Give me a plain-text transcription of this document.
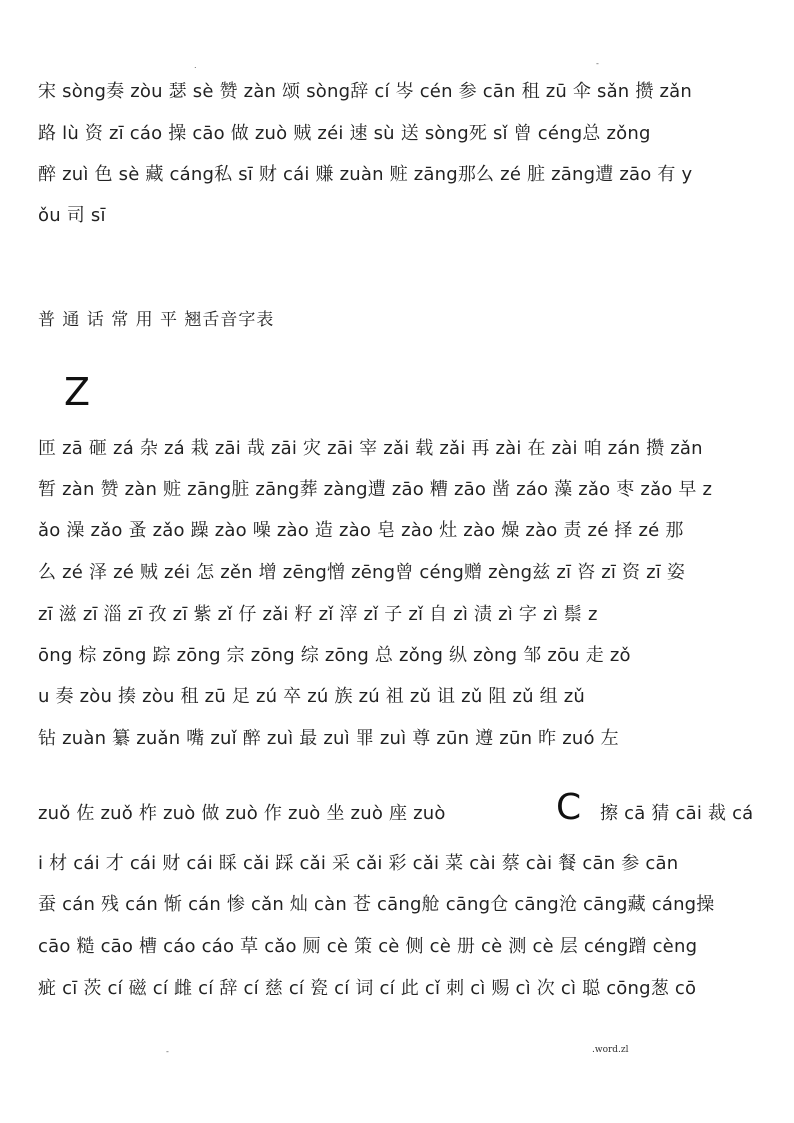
.	-
宋 sòng奏 zòu 瑟 sè 赞 zàn 颂 sòng辞 cí 岑 cén 参 cān 租 zū 伞 sǎn 攒 zǎn
路 lù 资 zī cáo 操 cāo 做 zuò 贼 zéi 速 sù 送 sòng死 sǐ 曾 céng总 zǒng
醉 zuì 色 sè 藏 cáng私 sī 财 cái 赚 zuàn 赃 zāng那么 zé 脏 zāng遭 zāo 有 y
ǒu 司 sī
普 通 话 常 用 平 翘舌音字表
Z
匝 zā 砸 zá 杂 zá 栽 zāi 哉 zāi 灾 zāi 宰 zǎi 载 zǎi 再 zài 在 zài 咱 zán 攒 zǎn
暂 zàn 赞 zàn 赃 zāng脏 zāng葬 zàng遭 zāo 糟 zāo 凿 záo 藻 zǎo 枣 zǎo 早 z
ǎo 澡 zǎo 蚤 zǎo 躁 zào 噪 zào 造 zào 皂 zào 灶 zào 燥 zào 责 zé 择 zé 那
么 zé 泽 zé 贼 zéi 怎 zěn 增 zēng憎 zēng曾 céng赠 zèng兹 zī 咨 zī 资 zī 姿
zī 滋 zī 淄 zī 孜 zī 紫 zǐ 仔 zǎi 籽 zǐ 滓 zǐ 子 zǐ 自 zì 渍 zì 字 zì 鬃 z
ōng 棕 zōng 踪 zōng 宗 zōng 综 zōng 总 zǒng 纵 zòng 邹 zōu 走 zǒ
u 奏 zòu 揍 zòu 租 zū 足 zú 卒 zú 族 zú 祖 zǔ 诅 zǔ 阻 zǔ 组 zǔ
钻 zuàn 纂 zuǎn 嘴 zuǐ 醉 zuì 最 zuì 罪 zuì 尊 zūn 遵 zūn 昨 zuó 左
zuǒ 佐 zuǒ 柞 zuò 做 zuò 作 zuò 坐 zuò 座 zuò	C 擦 cā 猜 cāi 裁 cá
i 材 cái 才 cái 财 cái 睬 cǎi 踩 cǎi 采 cǎi 彩 cǎi 菜 cài 蔡 cài 餐 cān 参 cān
蚕 cán 残 cán 惭 cán 惨 cǎn 灿 càn 苍 cāng舱 cāng仓 cāng沧 cāng藏 cáng操
cāo 糙 cāo 槽 cáo cáo 草 cǎo 厕 cè 策 cè 侧 cè 册 cè 测 cè 层 céng蹭 cèng
疵 cī 茨 cí 磁 cí 雌 cí 辞 cí 慈 cí 瓷 cí 词 cí 此 cǐ 刺 cì 赐 cì 次 cì 聪 cōng葱 cō
-	.word.zl
